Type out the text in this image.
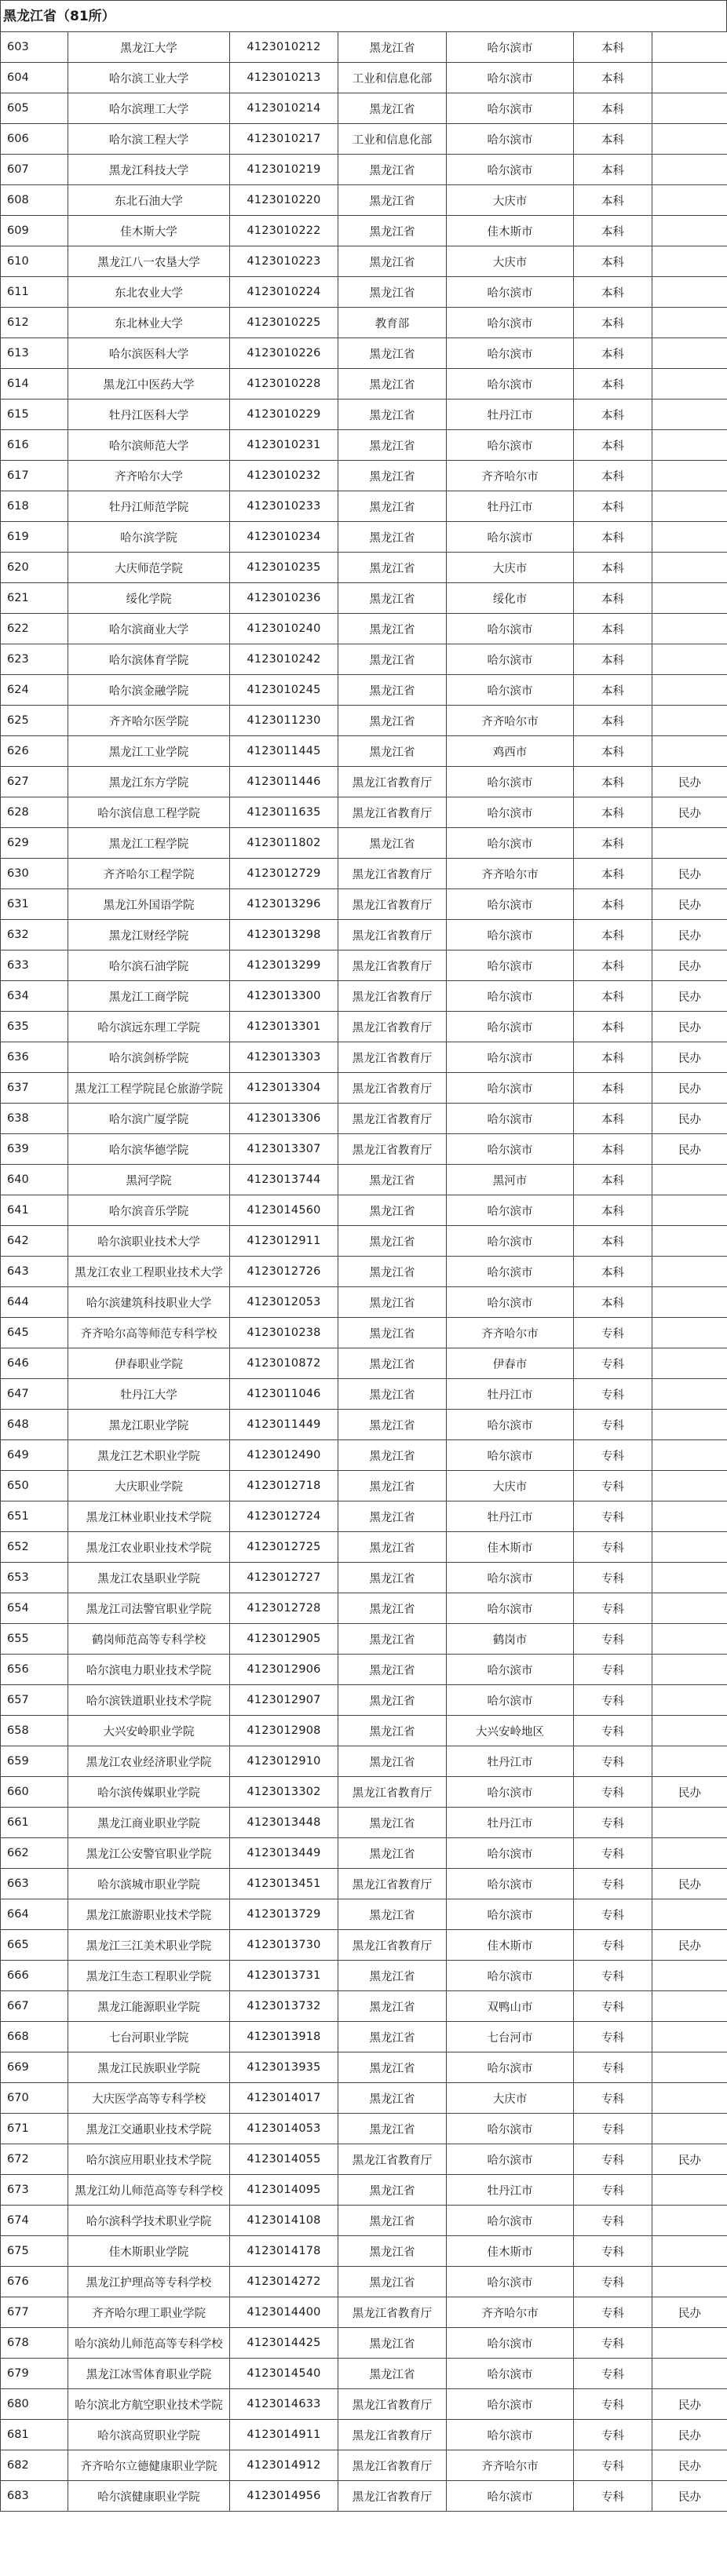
黑龙江省（81所）
603	黑龙江大学	4123010212	黑龙江省	哈尔滨市	本科	
604	哈尔滨工业大学	4123010213	工业和信息化部	哈尔滨市	本科	
605	哈尔滨理工大学	4123010214	黑龙江省	哈尔滨市	本科	
606	哈尔滨工程大学	4123010217	工业和信息化部	哈尔滨市	本科	
607	黑龙江科技大学	4123010219	黑龙江省	哈尔滨市	本科	
608	东北石油大学	4123010220	黑龙江省	大庆市	本科	
609	佳木斯大学	4123010222	黑龙江省	佳木斯市	本科	
610	黑龙江八一农垦大学	4123010223	黑龙江省	大庆市	本科	
611	东北农业大学	4123010224	黑龙江省	哈尔滨市	本科	
612	东北林业大学	4123010225	教育部	哈尔滨市	本科	
613	哈尔滨医科大学	4123010226	黑龙江省	哈尔滨市	本科	
614	黑龙江中医药大学	4123010228	黑龙江省	哈尔滨市	本科	
615	牡丹江医科大学	4123010229	黑龙江省	牡丹江市	本科	
616	哈尔滨师范大学	4123010231	黑龙江省	哈尔滨市	本科	
617	齐齐哈尔大学	4123010232	黑龙江省	齐齐哈尔市	本科	
618	牡丹江师范学院	4123010233	黑龙江省	牡丹江市	本科	
619	哈尔滨学院	4123010234	黑龙江省	哈尔滨市	本科	
620	大庆师范学院	4123010235	黑龙江省	大庆市	本科	
621	绥化学院	4123010236	黑龙江省	绥化市	本科	
622	哈尔滨商业大学	4123010240	黑龙江省	哈尔滨市	本科	
623	哈尔滨体育学院	4123010242	黑龙江省	哈尔滨市	本科	
624	哈尔滨金融学院	4123010245	黑龙江省	哈尔滨市	本科	
625	齐齐哈尔医学院	4123011230	黑龙江省	齐齐哈尔市	本科	
626	黑龙江工业学院	4123011445	黑龙江省	鸡西市	本科	
627	黑龙江东方学院	4123011446	黑龙江省教育厅	哈尔滨市	本科	民办
628	哈尔滨信息工程学院	4123011635	黑龙江省教育厅	哈尔滨市	本科	民办
629	黑龙江工程学院	4123011802	黑龙江省	哈尔滨市	本科	
630	齐齐哈尔工程学院	4123012729	黑龙江省教育厅	齐齐哈尔市	本科	民办
631	黑龙江外国语学院	4123013296	黑龙江省教育厅	哈尔滨市	本科	民办
632	黑龙江财经学院	4123013298	黑龙江省教育厅	哈尔滨市	本科	民办
633	哈尔滨石油学院	4123013299	黑龙江省教育厅	哈尔滨市	本科	民办
634	黑龙江工商学院	4123013300	黑龙江省教育厅	哈尔滨市	本科	民办
635	哈尔滨远东理工学院	4123013301	黑龙江省教育厅	哈尔滨市	本科	民办
636	哈尔滨剑桥学院	4123013303	黑龙江省教育厅	哈尔滨市	本科	民办
637	黑龙江工程学院昆仑旅游学院	4123013304	黑龙江省教育厅	哈尔滨市	本科	民办
638	哈尔滨广厦学院	4123013306	黑龙江省教育厅	哈尔滨市	本科	民办
639	哈尔滨华德学院	4123013307	黑龙江省教育厅	哈尔滨市	本科	民办
640	黑河学院	4123013744	黑龙江省	黑河市	本科	
641	哈尔滨音乐学院	4123014560	黑龙江省	哈尔滨市	本科	
642	哈尔滨职业技术大学	4123012911	黑龙江省	哈尔滨市	本科	
643	黑龙江农业工程职业技术大学	4123012726	黑龙江省	哈尔滨市	本科	
644	哈尔滨建筑科技职业大学	4123012053	黑龙江省	哈尔滨市	本科	
645	齐齐哈尔高等师范专科学校	4123010238	黑龙江省	齐齐哈尔市	专科	
646	伊春职业学院	4123010872	黑龙江省	伊春市	专科	
647	牡丹江大学	4123011046	黑龙江省	牡丹江市	专科	
648	黑龙江职业学院	4123011449	黑龙江省	哈尔滨市	专科	
649	黑龙江艺术职业学院	4123012490	黑龙江省	哈尔滨市	专科	
650	大庆职业学院	4123012718	黑龙江省	大庆市	专科	
651	黑龙江林业职业技术学院	4123012724	黑龙江省	牡丹江市	专科	
652	黑龙江农业职业技术学院	4123012725	黑龙江省	佳木斯市	专科	
653	黑龙江农垦职业学院	4123012727	黑龙江省	哈尔滨市	专科	
654	黑龙江司法警官职业学院	4123012728	黑龙江省	哈尔滨市	专科	
655	鹤岗师范高等专科学校	4123012905	黑龙江省	鹤岗市	专科	
656	哈尔滨电力职业技术学院	4123012906	黑龙江省	哈尔滨市	专科	
657	哈尔滨铁道职业技术学院	4123012907	黑龙江省	哈尔滨市	专科	
658	大兴安岭职业学院	4123012908	黑龙江省	大兴安岭地区	专科	
659	黑龙江农业经济职业学院	4123012910	黑龙江省	牡丹江市	专科	
660	哈尔滨传媒职业学院	4123013302	黑龙江省教育厅	哈尔滨市	专科	民办
661	黑龙江商业职业学院	4123013448	黑龙江省	牡丹江市	专科	
662	黑龙江公安警官职业学院	4123013449	黑龙江省	哈尔滨市	专科	
663	哈尔滨城市职业学院	4123013451	黑龙江省教育厅	哈尔滨市	专科	民办
664	黑龙江旅游职业技术学院	4123013729	黑龙江省	哈尔滨市	专科	
665	黑龙江三江美术职业学院	4123013730	黑龙江省教育厅	佳木斯市	专科	民办
666	黑龙江生态工程职业学院	4123013731	黑龙江省	哈尔滨市	专科	
667	黑龙江能源职业学院	4123013732	黑龙江省	双鸭山市	专科	
668	七台河职业学院	4123013918	黑龙江省	七台河市	专科	
669	黑龙江民族职业学院	4123013935	黑龙江省	哈尔滨市	专科	
670	大庆医学高等专科学校	4123014017	黑龙江省	大庆市	专科	
671	黑龙江交通职业技术学院	4123014053	黑龙江省	哈尔滨市	专科	
672	哈尔滨应用职业技术学院	4123014055	黑龙江省教育厅	哈尔滨市	专科	民办
673	黑龙江幼儿师范高等专科学校	4123014095	黑龙江省	牡丹江市	专科	
674	哈尔滨科学技术职业学院	4123014108	黑龙江省	哈尔滨市	专科	
675	佳木斯职业学院	4123014178	黑龙江省	佳木斯市	专科	
676	黑龙江护理高等专科学校	4123014272	黑龙江省	哈尔滨市	专科	
677	齐齐哈尔理工职业学院	4123014400	黑龙江省教育厅	齐齐哈尔市	专科	民办
678	哈尔滨幼儿师范高等专科学校	4123014425	黑龙江省	哈尔滨市	专科	
679	黑龙江冰雪体育职业学院	4123014540	黑龙江省	哈尔滨市	专科	
680	哈尔滨北方航空职业技术学院	4123014633	黑龙江省教育厅	哈尔滨市	专科	民办
681	哈尔滨高贸职业学院	4123014911	黑龙江省教育厅	哈尔滨市	专科	民办
682	齐齐哈尔立德健康职业学院	4123014912	黑龙江省教育厅	齐齐哈尔市	专科	民办
683	哈尔滨健康职业学院	4123014956	黑龙江省教育厅	哈尔滨市	专科	民办
